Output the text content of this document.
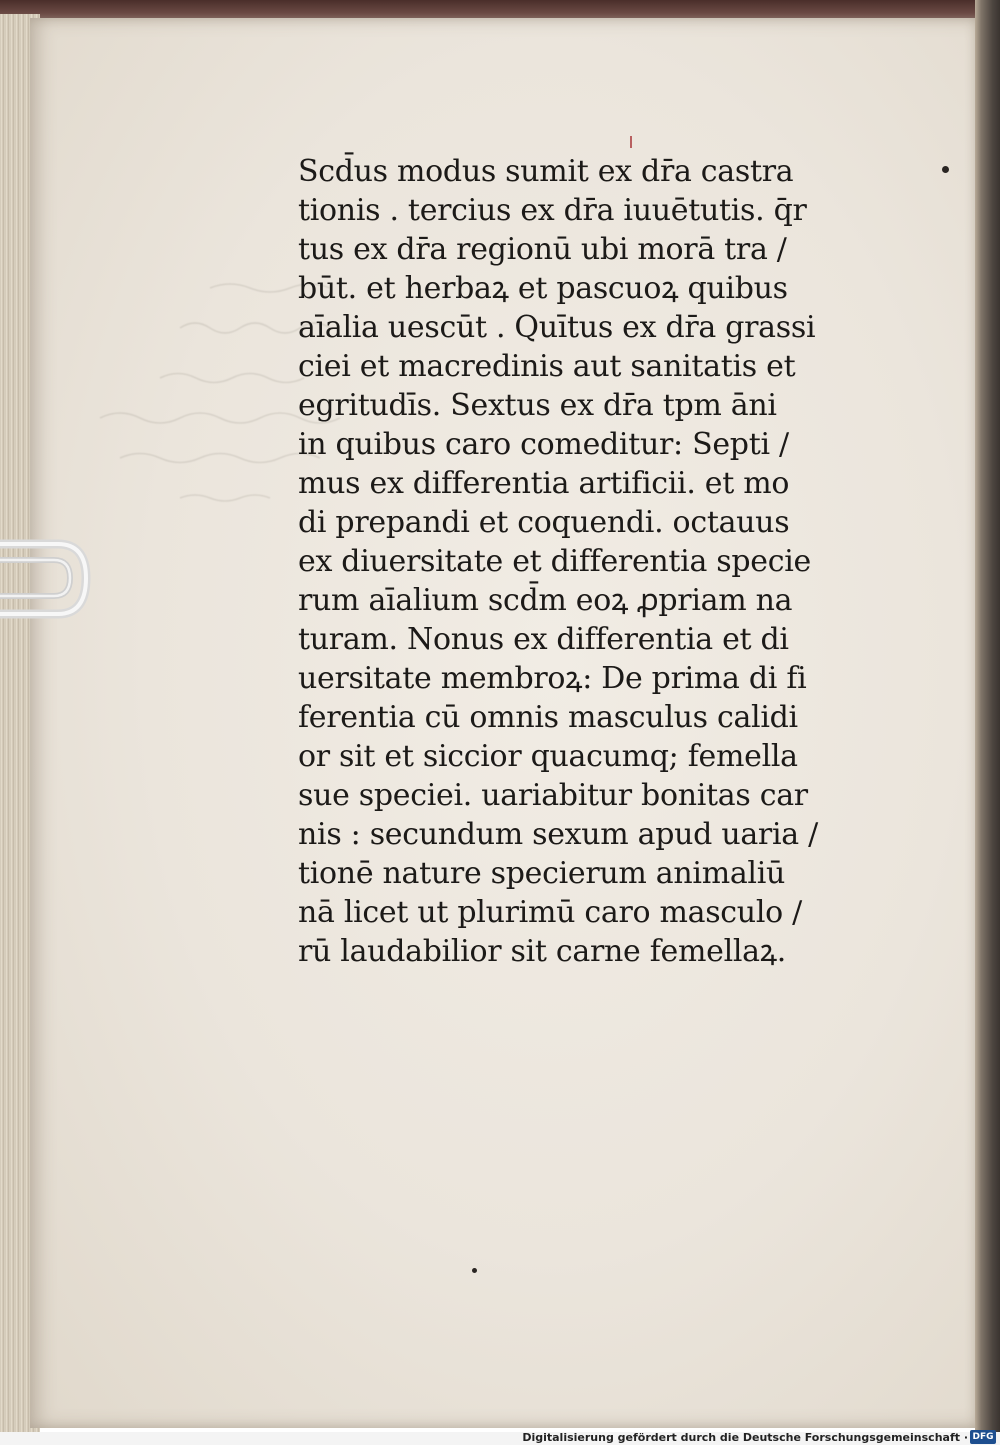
Scd̄us modus sumit ex dr̄a castra
tionis . tercius ex dr̄a iuuētutis. q̄r
tus ex dr̄a regionū ubi morā tra /
būt. et herbaꝝ et pascuoꝝ quibus
aīalia uescūt . Quītus ex dr̄a grassi
ciei et macredinis aut sanitatis et
egritudīs. Sextus ex dr̄a tpm āni
in quibus caro comeditur: Septi /
mus ex differentia artificii. et mo
di prepandi et coquendi. octauus
ex diuersitate et differentia specie
rum aīalium scd̄m eoꝝ ꝓpriam na
turam. Nonus ex differentia et di
uersitate membroꝝ: De prima di fi
ferentia cū omnis masculus calidi
or sit et siccior quacumq; femella
sue speciei. uariabitur bonitas car
nis : secundum sexum apud uaria /
tionē nature specierum animaliū
nā licet ut plurimū caro masculo /
rū laudabilior sit carne femellaꝝ.
Digitalisierung gefördert durch die Deutsche Forschungsgemeinschaft · DFG
